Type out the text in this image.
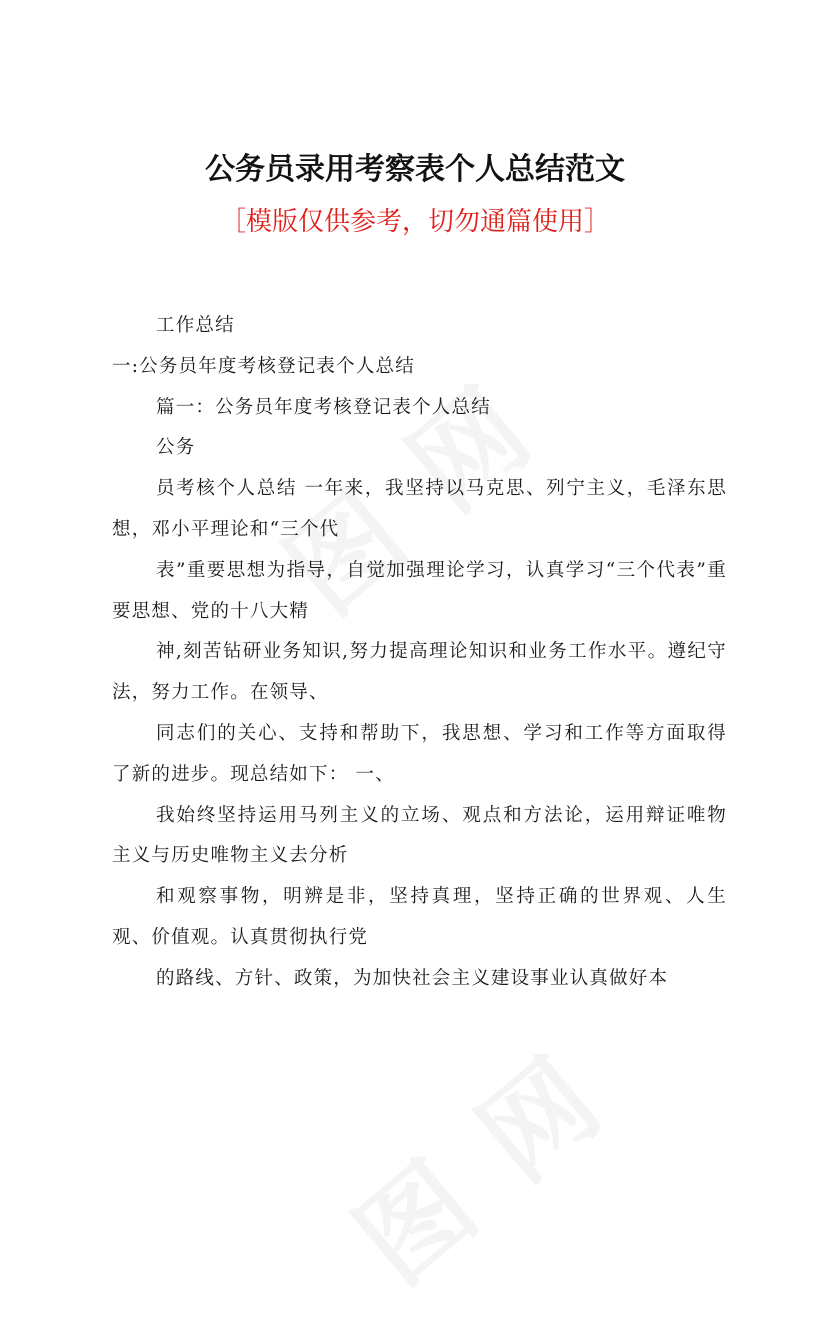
公务员录用考察表个人总结范文
［模版仅供参考，切勿通篇使用］

工作总结

一:公务员年度考核登记表个人总结

篇一：公务员年度考核登记表个人总结

公务

员考核个人总结 一年来，我坚持以马克思、列宁主义，毛泽东思想，邓小平理论和“三个代

表”重要思想为指导，自觉加强理论学习，认真学习“三个代表”重要思想、党的十八大精

神,刻苦钻研业务知识,努力提高理论知识和业务工作水平。遵纪守法，努力工作。在领导、

同志们的关心、支持和帮助下，我思想、学习和工作等方面取得了新的进步。现总结如下： 一、

我始终坚持运用马列主义的立场、观点和方法论，运用辩证唯物主义与历史唯物主义去分析

和观察事物，明辨是非，坚持真理，坚持正确的世界观、人生观、价值观。认真贯彻执行党

的路线、方针、政策，为加快社会主义建设事业认真做好本
